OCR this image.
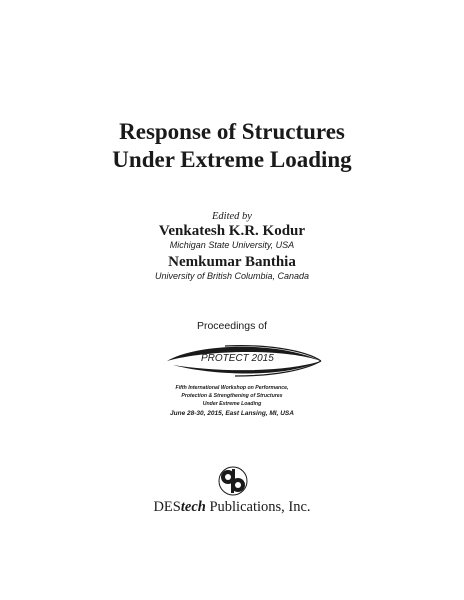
Response of Structures
Under Extreme Loading
Edited by
Venkatesh K.R. Kodur
Michigan State University, USA
Nemkumar Banthia
University of British Columbia, Canada
Proceedings of
PROTECT 2015
Fifth International Workshop on Performance,
Protection & Strengthening of Structures
Under Extreme Loading
June 28-30, 2015, East Lansing, MI, USA
DEStech Publications, Inc.
